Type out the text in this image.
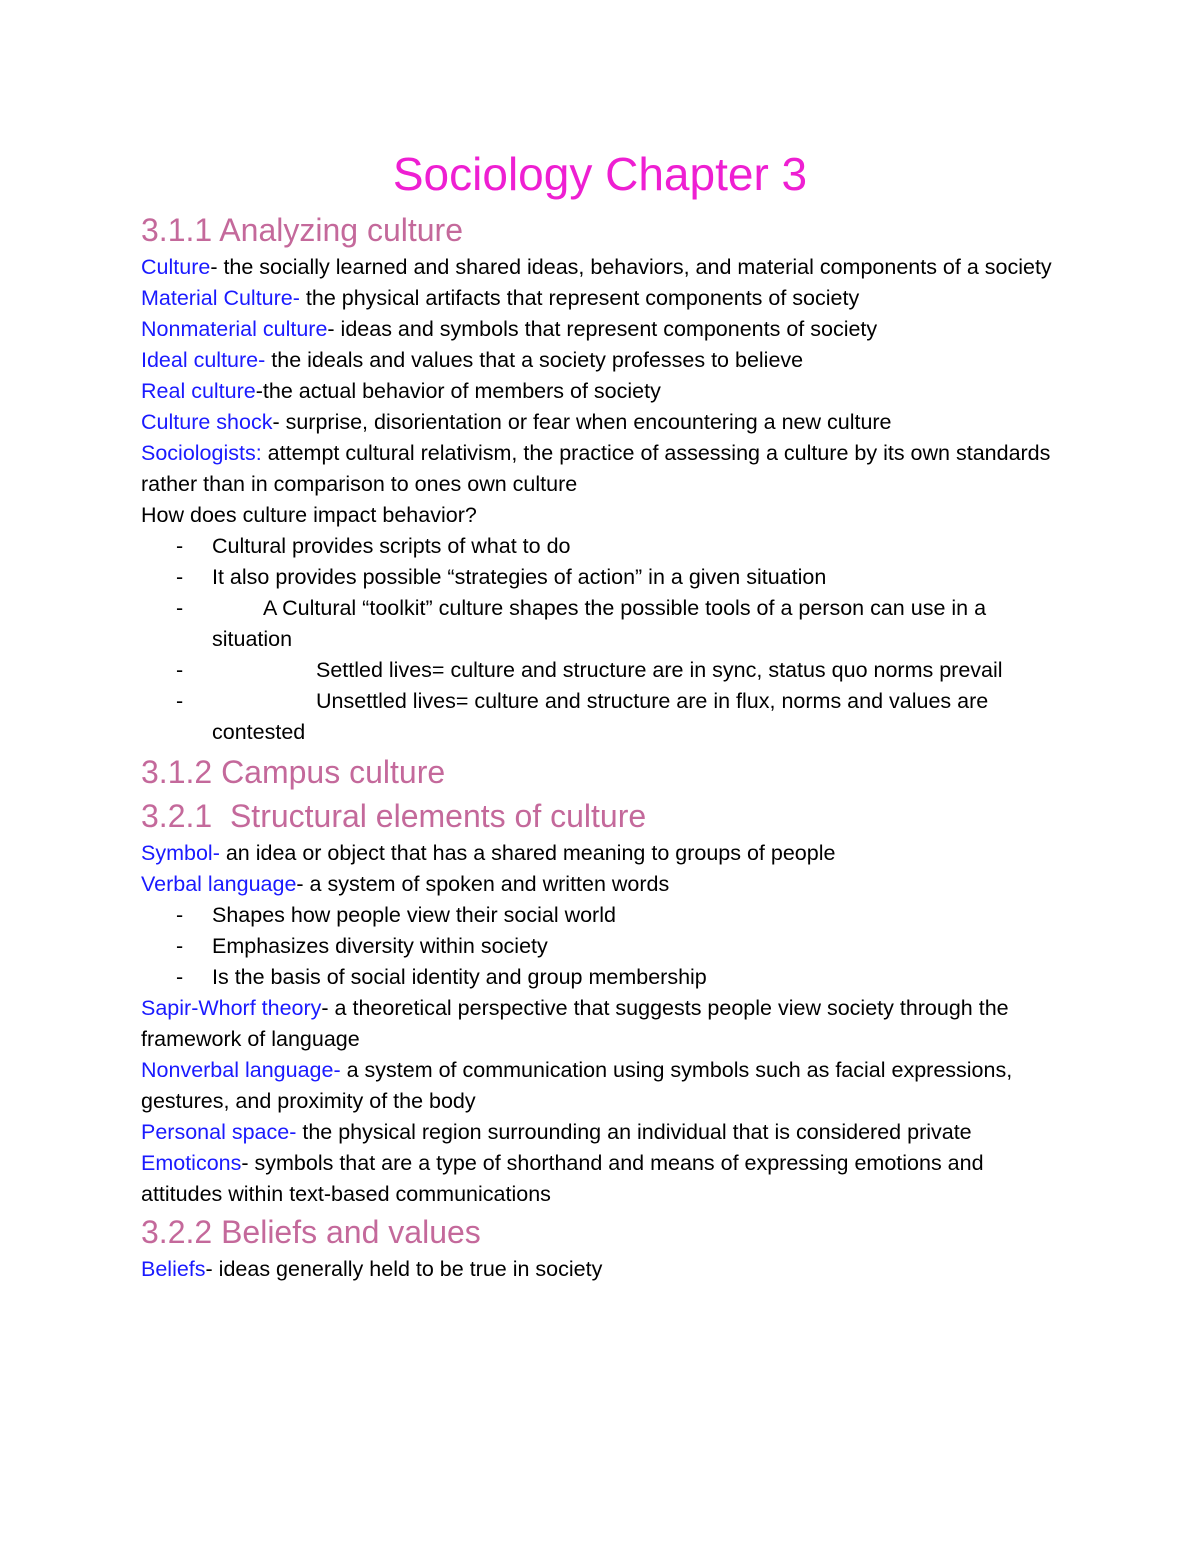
Sociology Chapter 3
3.1.1 Analyzing culture

Culture- the socially learned and shared ideas, behaviors, and material components of a society

Material Culture- the physical artifacts that represent components of society

Nonmaterial culture- ideas and symbols that represent components of society

Ideal culture- the ideals and values that a society professes to believe

Real culture-the actual behavior of members of society

Culture shock- surprise, disorientation or fear when encountering a new culture

Sociologists: attempt cultural relativism, the practice of assessing a culture by its own standards rather than in comparison to ones own culture

How does culture impact behavior?

- Cultural provides scripts of what to do
- It also provides possible “strategies of action” in a given situation
- A Cultural “toolkit” culture shapes the possible tools of a person can use in a situation
- Settled lives= culture and structure are in sync, status quo norms prevail
- Unsettled lives= culture and structure are in flux, norms and values are contested
3.1.2 Campus culture
3.2.1  Structural elements of culture

Symbol- an idea or object that has a shared meaning to groups of people

Verbal language- a system of spoken and written words

- Shapes how people view their social world
- Emphasizes diversity within society
- Is the basis of social identity and group membership

Sapir-Whorf theory- a theoretical perspective that suggests people view society through the framework of language

Nonverbal language- a system of communication using symbols such as facial expressions, gestures, and proximity of the body

Personal space- the physical region surrounding an individual that is considered private

Emoticons- symbols that are a type of shorthand and means of expressing emotions and attitudes within text-based communications

3.2.2 Beliefs and values

Beliefs- ideas generally held to be true in society
